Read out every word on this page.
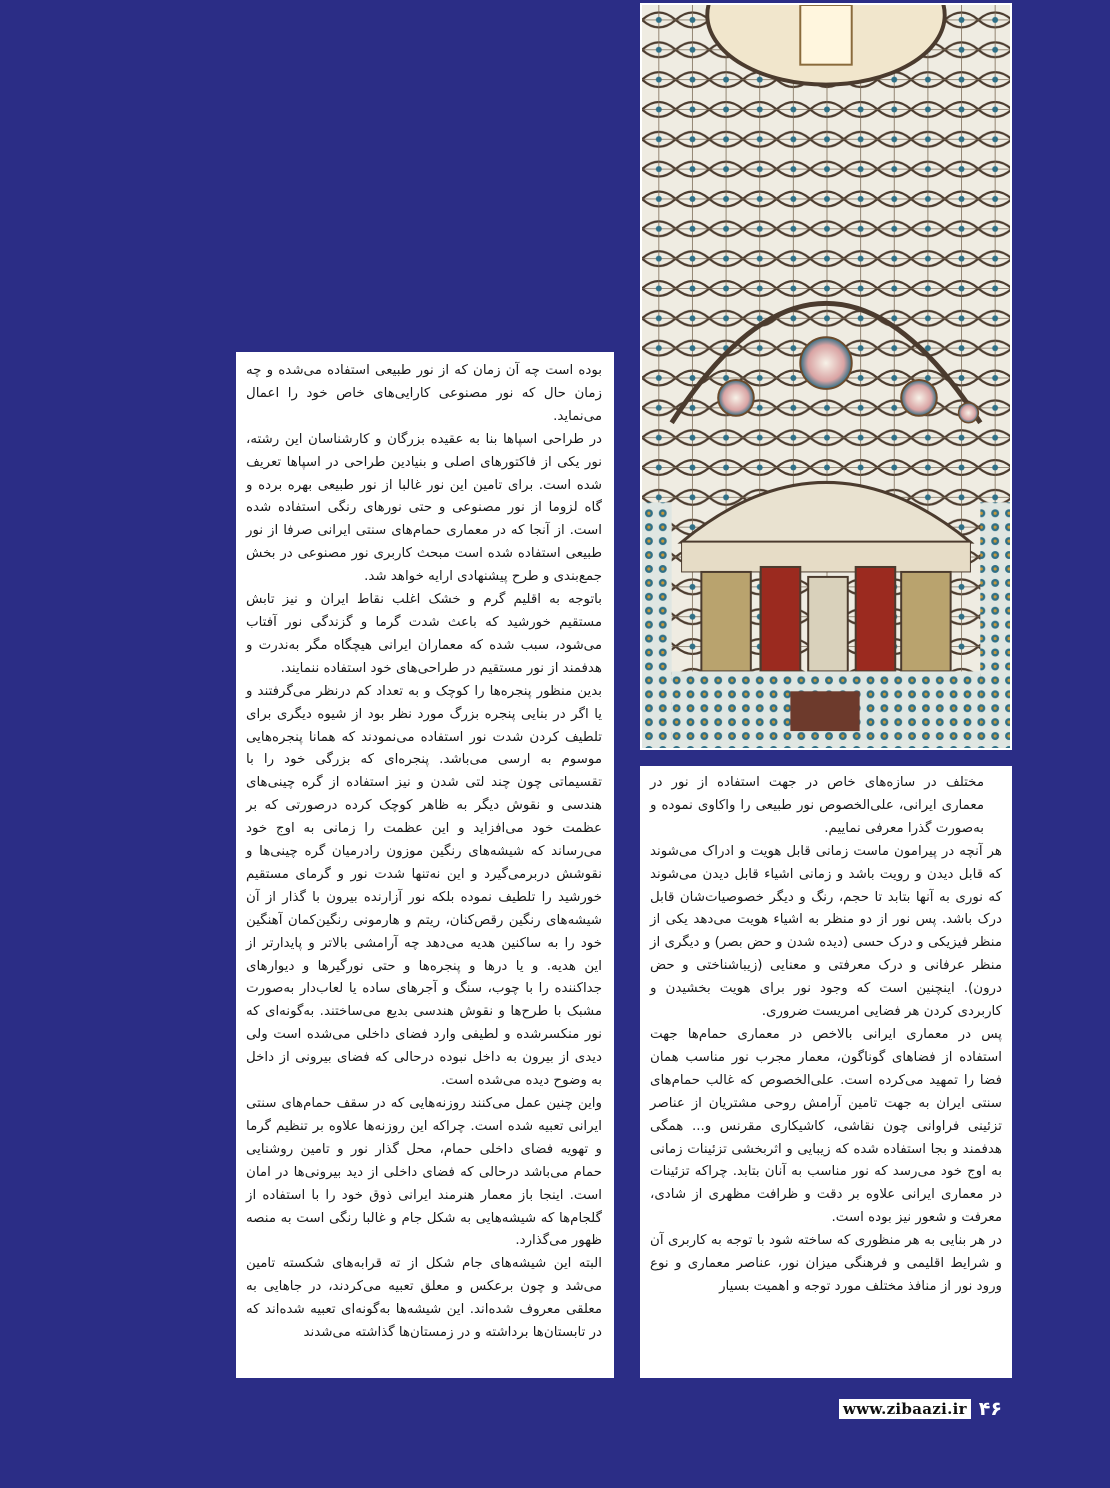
بوده است چه آن زمان که از نور طبیعی استفاده می‌شده و چه زمان حال که نور مصنوعی کارایی‌های خاص خود را اعمال می‌نماید.

در طراحی اسپاها بنا به عقیده بزرگان و کارشناسان این رشته، نور یکی از فاکتورهای اصلی و بنیادین طراحی در اسپاها تعریف شده است. برای تامین این نور غالبا از نور طبیعی بهره برده و گاه لزوما از نور مصنوعی و حتی نورهای رنگی استفاده شده است. از آنجا که در معماری حمام‌های سنتی ایرانی صرفا از نور طبیعی استفاده شده است مبحث کاربری نور مصنوعی در بخش جمع‌بندی و طرح پیشنهادی ارایه خواهد شد.

باتوجه به اقلیم گرم و خشک اغلب نقاط ایران و نیز تابش مستقیم خورشید که باعث شدت گرما و گزندگی نور آفتاب می‌شود، سبب شده که معماران ایرانی هیچگاه مگر به‌ندرت و هدفمند از نور مستقیم در طراحی‌های خود استفاده ننمایند.

بدین منظور پنجره‌ها را کوچک و به تعداد کم درنظر می‌گرفتند و یا اگر در بنایی پنجره بزرگ مورد نظر بود از شیوه دیگری برای تلطیف کردن شدت نور استفاده می‌نمودند که همانا پنجره‌هایی موسوم به ارسی می‌باشد. پنجره‌ای که بزرگی خود را با تقسیماتی چون چند لتی شدن و نیز استفاده از گره چینی‌های هندسی و نقوش دیگر به ظاهر کوچک کرده درصورتی که بر عظمت خود می‌افزاید و این عظمت را زمانی به اوج خود می‌رساند که شیشه‌های رنگین موزون رادرمیان گره چینی‌ها و نقوشش دربرمی‌گیرد و این نه‌تنها شدت نور و گرمای مستقیم خورشید را تلطیف نموده بلکه نور آزارنده بیرون با گذار از آن شیشه‌های رنگین رقص‌کنان، ریتم و هارمونی رنگین‌کمان آهنگین خود را به ساکنین هدیه می‌دهد چه آرامشی بالاتر و پایدارتر از این هدیه. و یا درها و پنجره‌ها و حتی نورگیرها و دیوارهای جداکننده را با چوب، سنگ و آجرهای ساده یا لعاب‌دار به‌صورت مشبک با طرح‌ها و نقوش هندسی بدیع می‌ساختند. به‌گونه‌ای که نور منکسرشده و لطیفی وارد فضای داخلی می‌شده است ولی دیدی از بیرون به داخل نبوده درحالی که فضای بیرونی از داخل به وضوح دیده می‌شده است.

واین چنین عمل می‌کنند روزنه‌هایی که در سقف حمام‌های سنتی ایرانی تعبیه شده است. چراکه این روزنه‌ها علاوه بر تنظیم گرما و تهویه فضای داخلی حمام، محل گذار نور و تامین روشنایی حمام می‌باشد درحالی که فضای داخلی از دید بیرونی‌ها در امان است. اینجا باز معمار هنرمند ایرانی ذوق خود را با استفاده از گلجام‌ها که شیشه‌هایی به شکل جام و غالبا رنگی است به منصه ظهور می‌گذارد.

البته این شیشه‌های جام شکل از ته قرابه‌های شکسته تامین می‌شد و چون برعکس و معلق تعبیه می‌کردند، در جاهایی به معلقی معروف شده‌اند. این شیشه‌ها به‌گونه‌ای تعبیه شده‌اند که در تابستان‌ها برداشته و در زمستان‌ها گذاشته می‌شدند

مختلف در سازه‌های خاص در جهت استفاده از نور در معماری ایرانی، علی‌الخصوص نور طبیعی را واکاوی نموده و به‌صورت گذرا معرفی نماییم.

هر آنچه در پیرامون ماست زمانی قابل هویت و ادراک می‌شوند که قابل دیدن و رویت باشد و زمانی اشیاء قابل دیدن می‌شوند که نوری به آنها بتابد تا حجم، رنگ و دیگر خصوصیات‌شان قابل درک باشد. پس نور از دو منظر به اشیاء هویت می‌دهد یکی از منظر فیزیکی و درک حسی (دیده شدن و حض بصر) و دیگری از منظر عرفانی و درک معرفتی و معنایی (زیباشناختی و حض درون). اینچنین است که وجود نور برای هویت بخشیدن و کاربردی کردن هر فضایی امریست ضروری.

پس در معماری ایرانی بالاخص در معماری حمام‌ها جهت استفاده از فضاهای گوناگون، معمار مجرب نور مناسب همان فضا را تمهید می‌کرده است. علی‌الخصوص که غالب حمام‌های سنتی ایران به جهت تامین آرامش روحی مشتریان از عناصر تزئینی فراوانی چون نقاشی، کاشیکاری مقرنس و... همگی هدفمند و بجا استفاده شده که زیبایی و اثربخشی تزئینات زمانی به اوج خود می‌رسد که نور مناسب به آنان بتابد. چراکه تزئینات در معماری ایرانی علاوه بر دقت و ظرافت مظهری از شادی، معرفت و شعور نیز بوده است.

در هر بنایی به هر منظوری که ساخته شود با توجه به کاربری آن و شرایط اقلیمی و فرهنگی میزان نور، عناصر معماری و نوع ورود نور از منافذ مختلف مورد توجه و اهمیت بسیار

www.zibaazi.ir ۴۶
